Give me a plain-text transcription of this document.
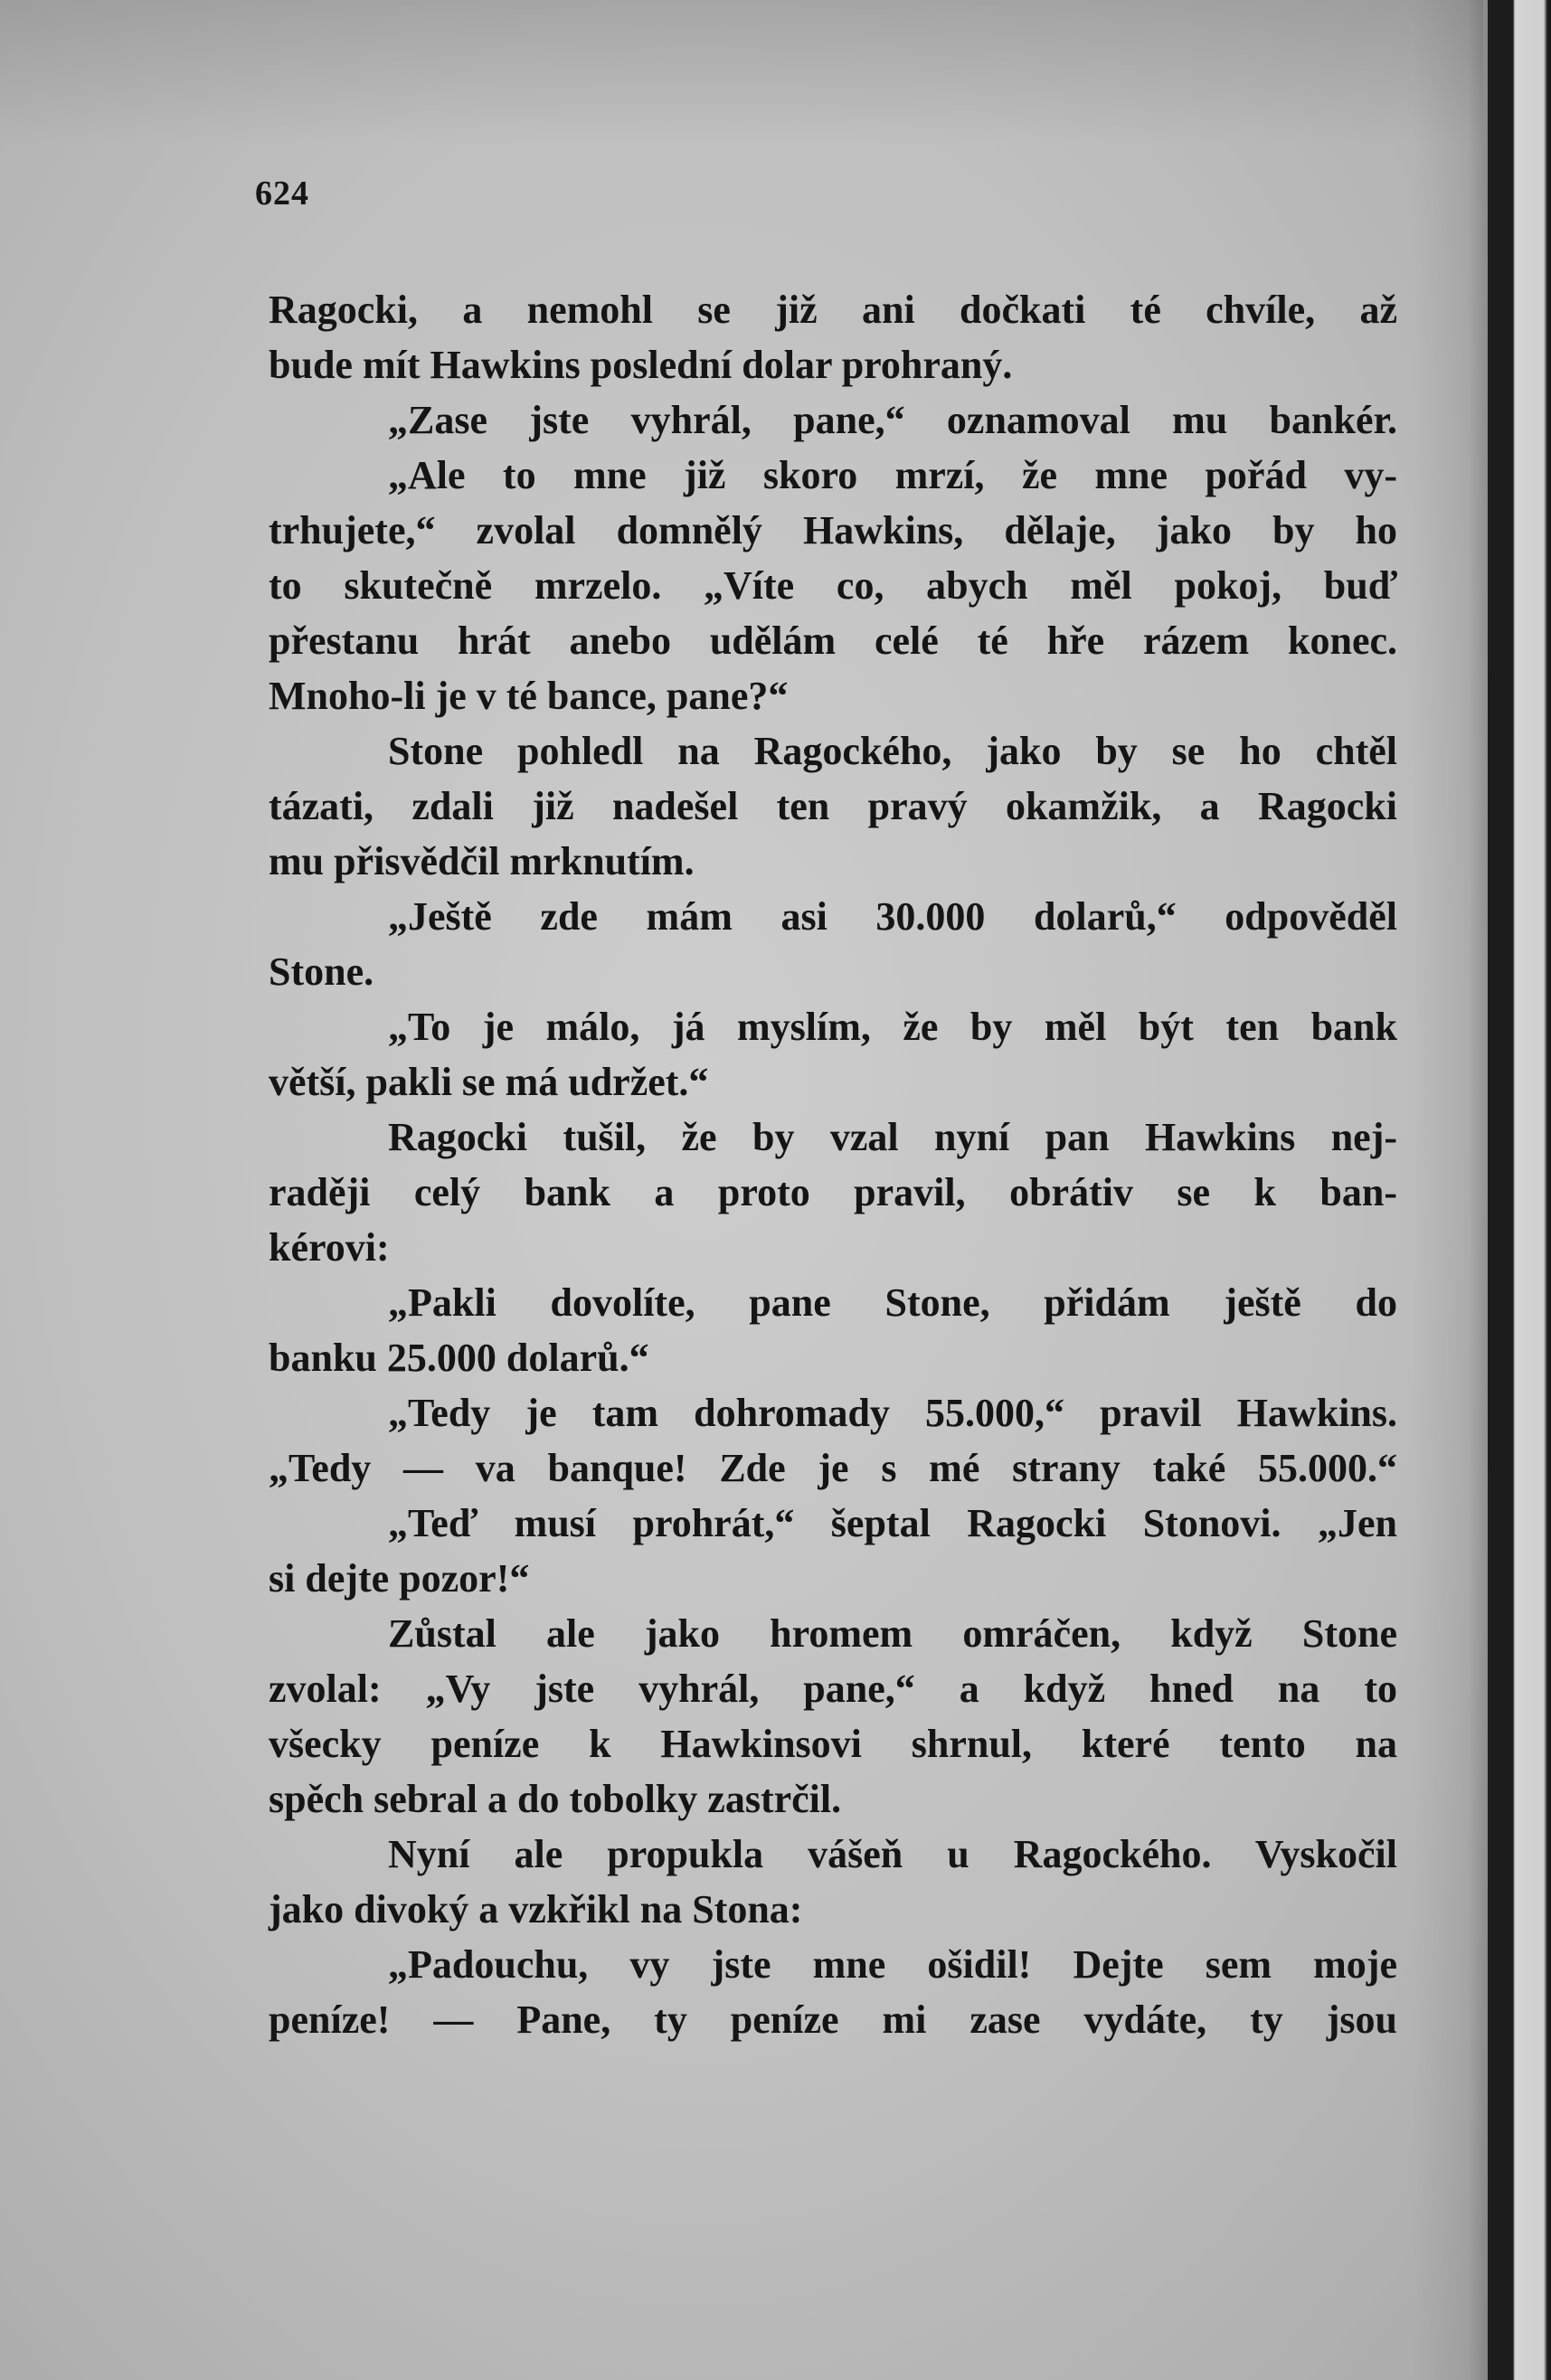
624
Ragocki, a nemohl se již ani dočkati té chvíle, až
bude mít Hawkins poslední dolar prohraný.
„Zase jste vyhrál, pane,“ oznamoval mu bankér.
„Ale to mne již skoro mrzí, že mne pořád vy-
trhujete,“ zvolal domnělý Hawkins, dělaje, jako by ho
to skutečně mrzelo. „Víte co, abych měl pokoj, buď
přestanu hrát anebo udělám celé té hře rázem konec.
Mnoho-li je v té bance, pane?“
Stone pohledl na Ragockého, jako by se ho chtěl
tázati, zdali již nadešel ten pravý okamžik, a Ragocki
mu přisvědčil mrknutím.
„Ještě zde mám asi 30.000 dolarů,“ odpověděl
Stone.
„To je málo, já myslím, že by měl být ten bank
větší, pakli se má udržet.“
Ragocki tušil, že by vzal nyní pan Hawkins nej-
raději celý bank a proto pravil, obrátiv se k ban-
kérovi:
„Pakli dovolíte, pane Stone, přidám ještě do
banku 25.000 dolarů.“
„Tedy je tam dohromady 55.000,“ pravil Hawkins.
„Tedy — va banque! Zde je s mé strany také 55.000.“
„Teď musí prohrát,“ šeptal Ragocki Stonovi. „Jen
si dejte pozor!“
Zůstal ale jako hromem omráčen, když Stone
zvolal: „Vy jste vyhrál, pane,“ a když hned na to
všecky peníze k Hawkinsovi shrnul, které tento na
spěch sebral a do tobolky zastrčil.
Nyní ale propukla vášeň u Ragockého. Vyskočil
jako divoký a vzkřikl na Stona:
„Padouchu, vy jste mne ošidil! Dejte sem moje
peníze! — Pane, ty peníze mi zase vydáte, ty jsou
